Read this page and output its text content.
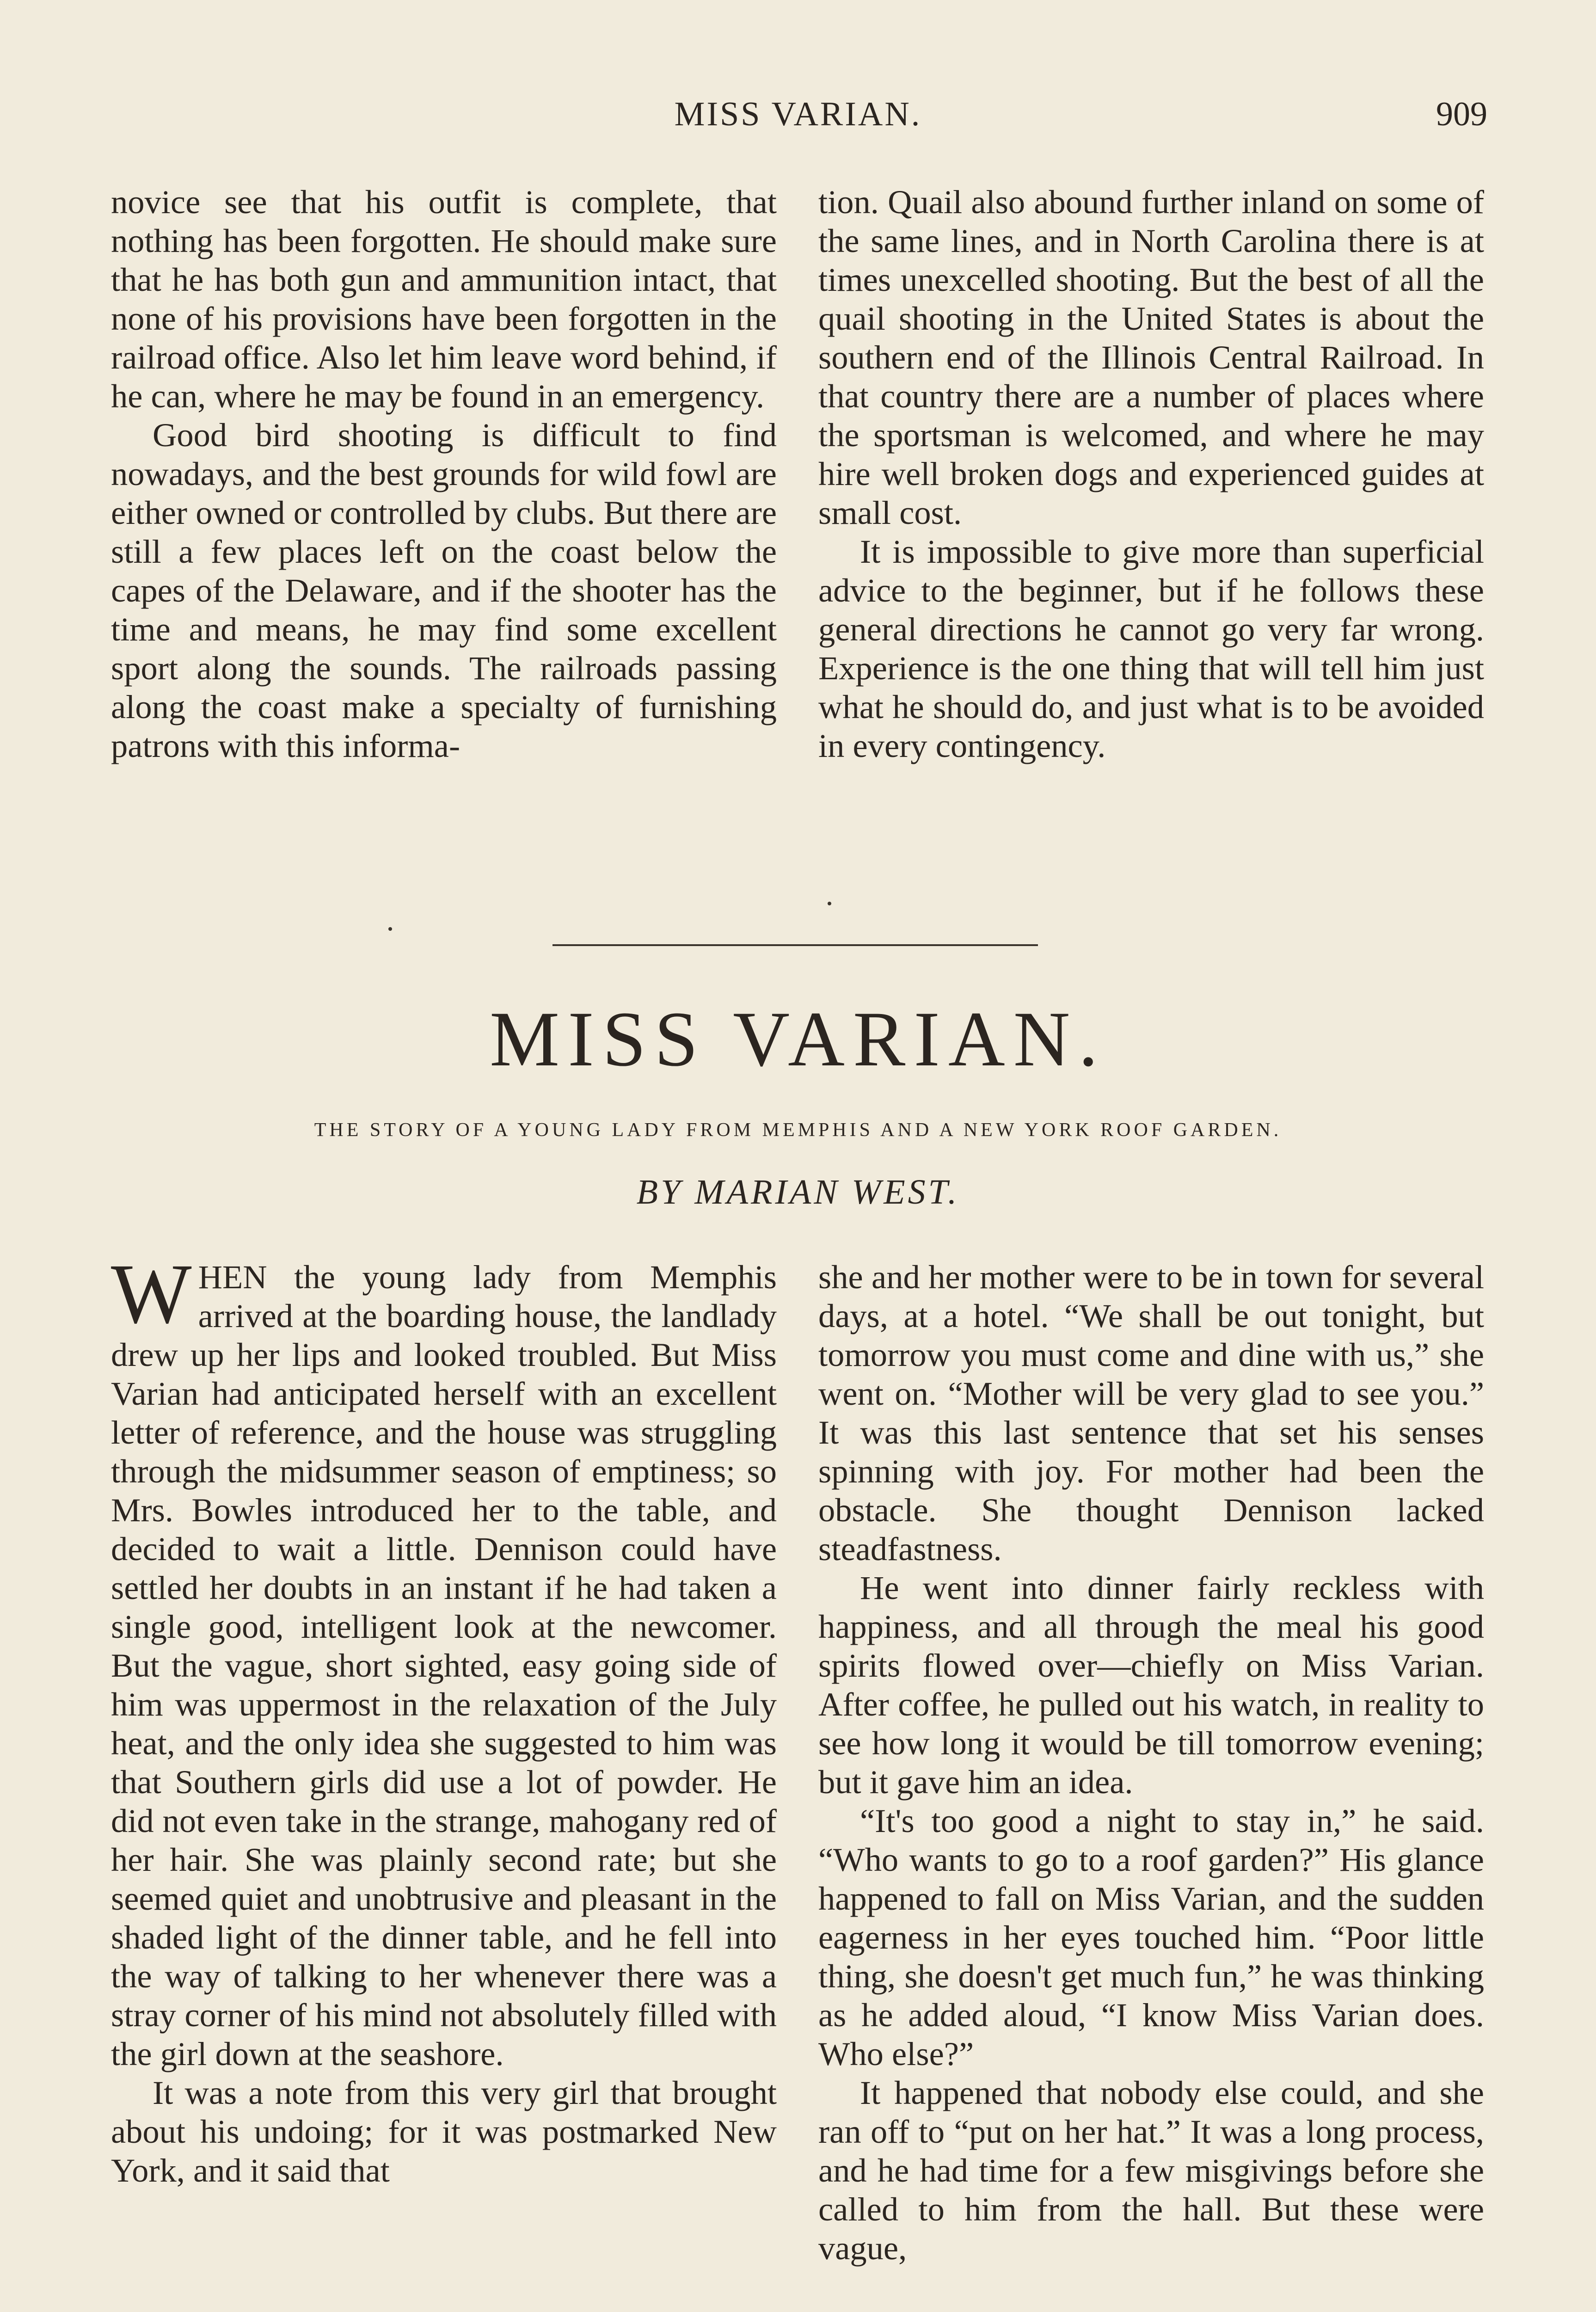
MISS VARIAN.	909

novice see that his outfit is complete, that nothing has been forgotten. He should make sure that he has both gun and ammunition intact, that none of his provisions have been forgotten in the railroad office. Also let him leave word behind, if he can, where he may be found in an emergency.

Good bird shooting is difficult to find nowadays, and the best grounds for wild fowl are either owned or controlled by clubs. But there are still a few places left on the coast below the capes of the Delaware, and if the shooter has the time and means, he may find some excellent sport along the sounds. The railroads passing along the coast make a specialty of furnishing patrons with this informa-

tion. Quail also abound further inland on some of the same lines, and in North Carolina there is at times unexcelled shooting. But the best of all the quail shooting in the United States is about the southern end of the Illinois Central Railroad. In that country there are a number of places where the sportsman is welcomed, and where he may hire well broken dogs and experienced guides at small cost.

It is impossible to give more than superficial advice to the beginner, but if he follows these general directions he cannot go very far wrong. Experience is the one thing that will tell him just what he should do, and just what is to be avoided in every contingency.

MISS VARIAN.
THE STORY OF A YOUNG LADY FROM MEMPHIS AND A NEW YORK ROOF GARDEN.
BY MARIAN WEST.

WHEN the young lady from Memphis arrived at the boarding house, the landlady drew up her lips and looked troubled. But Miss Varian had anticipated herself with an excellent letter of reference, and the house was struggling through the midsummer season of emptiness; so Mrs. Bowles introduced her to the table, and decided to wait a little. Dennison could have settled her doubts in an instant if he had taken a single good, intelligent look at the newcomer. But the vague, short sighted, easy going side of him was uppermost in the relaxation of the July heat, and the only idea she suggested to him was that Southern girls did use a lot of powder. He did not even take in the strange, mahogany red of her hair. She was plainly second rate; but she seemed quiet and unobtrusive and pleasant in the shaded light of the dinner table, and he fell into the way of talking to her whenever there was a stray corner of his mind not absolutely filled with the girl down at the seashore.

It was a note from this very girl that brought about his undoing; for it was postmarked New York, and it said that

she and her mother were to be in town for several days, at a hotel. “We shall be out tonight, but tomorrow you must come and dine with us,” she went on. “Mother will be very glad to see you.” It was this last sentence that set his senses spinning with joy. For mother had been the obstacle. She thought Dennison lacked steadfastness.

He went into dinner fairly reckless with happiness, and all through the meal his good spirits flowed over—chiefly on Miss Varian. After coffee, he pulled out his watch, in reality to see how long it would be till tomorrow evening; but it gave him an idea.

“It's too good a night to stay in,” he said. “Who wants to go to a roof garden?” His glance happened to fall on Miss Varian, and the sudden eagerness in her eyes touched him. “Poor little thing, she doesn't get much fun,” he was thinking as he added aloud, “I know Miss Varian does. Who else?”

It happened that nobody else could, and she ran off to “put on her hat.” It was a long process, and he had time for a few misgivings before she called to him from the hall. But these were vague,
